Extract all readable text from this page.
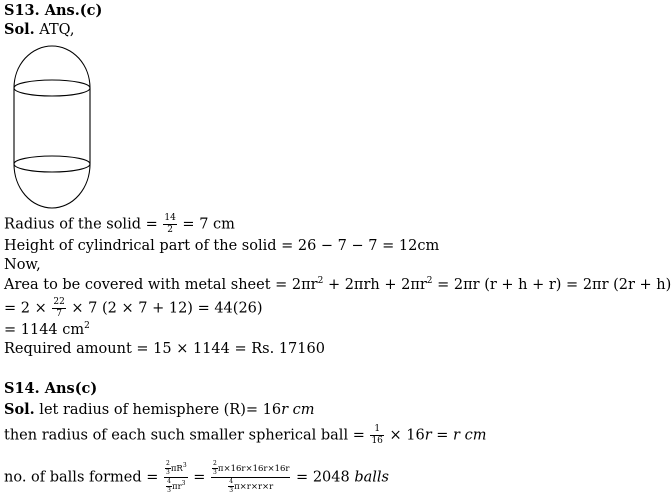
S13. Ans.(c)
Sol. ATQ,
Radius of the solid = $\frac{14}{2} = 7$ cm
Height of cylindrical part of the solid = 26 − 7 − 7 = 12cm
Now,
Area to be covered with metal sheet = $2\pi r^2 + 2\pi rh + 2\pi r^2 = 2\pi r$ (r + h + r) = 2πr (2r + h)
= $2 \times \frac{22}{7} \times 7$ (2 × 7 + 12) = 44(26)
= 1144 $cm^2$
Required amount = 15 × 1144 = Rs. 17160
S14. Ans(c)
Sol. let radius of hemisphere (R)= 16r cm
then radius of each such smaller spherical ball = $\frac{1}{16} \times 16r = r$ cm
no. of balls formed = $\frac{\frac{2}{3} \pi R^3}{\frac{4}{3} \pi r^3} = \frac{\frac{2}{3} \pi\times 16r\times 16r\times 16r}{\frac{4}{3} \pi\times r\times r\times r} = 2048$ balls
